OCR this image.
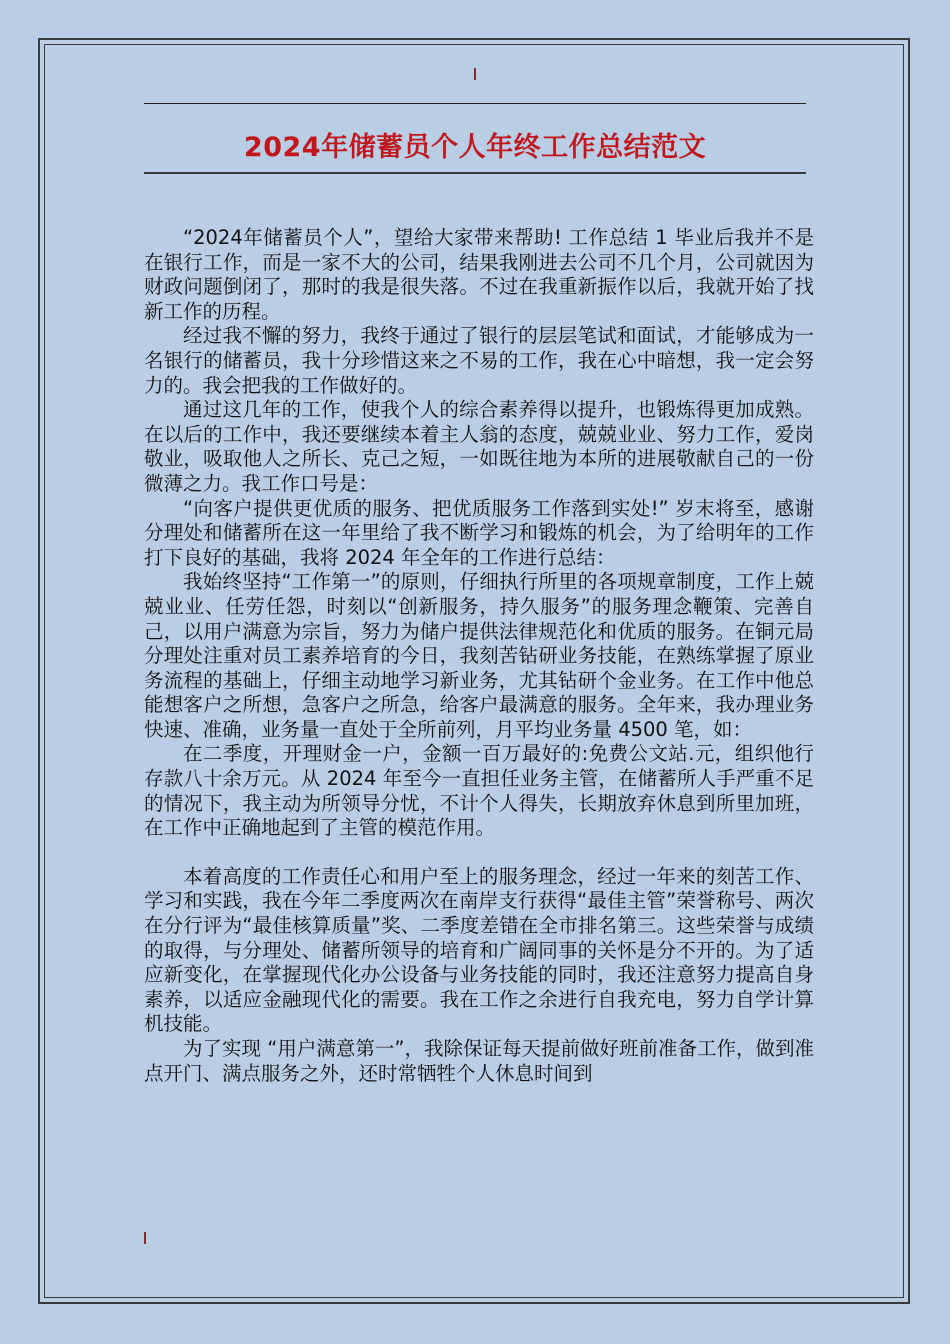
2024年储蓄员个人年终工作总结范文

“2024年储蓄员个人”，望给大家带来帮助! 工作总结 1 毕业后我并不是在银行工作，而是一家不大的公司，结果我刚进去公司不几个月，公司就因为财政问题倒闭了，那时的我是很失落。不过在我重新振作以后，我就开始了找新工作的历程。

经过我不懈的努力，我终于通过了银行的层层笔试和面试，才能够成为一名银行的储蓄员，我十分珍惜这来之不易的工作，我在心中暗想，我一定会努力的。我会把我的工作做好的。

通过这几年的工作，使我个人的综合素养得以提升，也锻炼得更加成熟。在以后的工作中，我还要继续本着主人翁的态度，兢兢业业、努力工作，爱岗敬业，吸取他人之所长、克己之短，一如既往地为本所的进展敬献自己的一份微薄之力。我工作口号是：

“向客户提供更优质的服务、把优质服务工作落到实处!” 岁末将至，感谢分理处和储蓄所在这一年里给了我不断学习和锻炼的机会，为了给明年的工作打下良好的基础，我将 2024 年全年的工作进行总结：

我始终坚持“工作第一”的原则，仔细执行所里的各项规章制度，工作上兢兢业业、任劳任怨，时刻以“创新服务，持久服务”的服务理念鞭策、完善自己，以用户满意为宗旨，努力为储户提供法律规范化和优质的服务。在铜元局分理处注重对员工素养培育的今日，我刻苦钻研业务技能，在熟练掌握了原业务流程的基础上，仔细主动地学习新业务，尤其钻研个金业务。在工作中他总能想客户之所想，急客户之所急，给客户最满意的服务。全年来，我办理业务快速、准确，业务量一直处于全所前列，月平均业务量 4500 笔，如：

在二季度，开理财金一户，金额一百万最好的:免费公文站.元，组织他行存款八十余万元。从 2024 年至今一直担任业务主管，在储蓄所人手严重不足的情况下，我主动为所领导分忧，不计个人得失，长期放弃休息到所里加班，在工作中正确地起到了主管的模范作用。

本着高度的工作责任心和用户至上的服务理念，经过一年来的刻苦工作、学习和实践，我在今年二季度两次在南岸支行获得“最佳主管”荣誉称号、两次在分行评为“最佳核算质量”奖、二季度差错在全市排名第三。这些荣誉与成绩的取得，与分理处、储蓄所领导的培育和广阔同事的关怀是分不开的。为了适应新变化，在掌握现代化办公设备与业务技能的同时，我还注意努力提高自身素养，以适应金融现代化的需要。我在工作之余进行自我充电，努力自学计算机技能。

为了实现 “用户满意第一”，我除保证每天提前做好班前准备工作，做到准点开门、满点服务之外，还时常牺牲个人休息时间到
